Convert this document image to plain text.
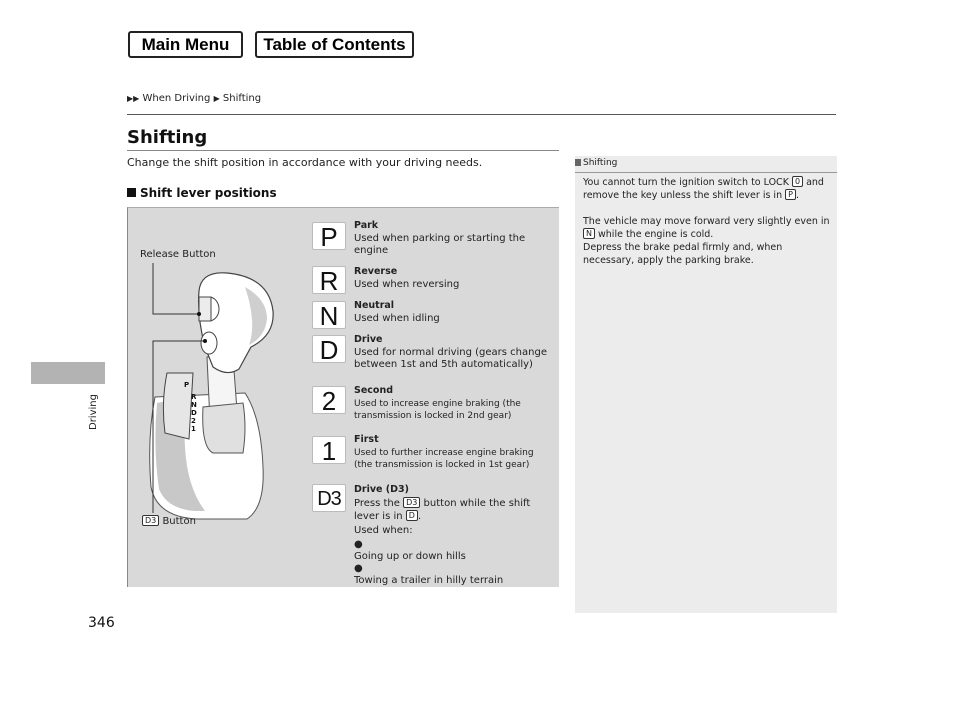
Main Menu	Table of Contents
▶▶ When Driving ▶ Shifting
Driving
346
Shifting
Change the shift position in accordance with your driving needs.
Shift lever positions
P
R
N
D
2
1
Release Button
D3 Button
P	Park
Used when parking or starting the engine
R	Reverse
Used when reversing
N	Neutral
Used when idling
D	Drive
Used for normal driving (gears change between 1st and 5th automatically)
2	Second
Used to increase engine braking (the transmission is locked in 2nd gear)
1	First
Used to further increase engine braking (the transmission is locked in 1st gear)
D3	Drive (D3)
Press the D3 button while the shift lever is in D .
Used when:
●
Going up or down hills
●
Towing a trailer in hilly terrain
Shifting

You cannot turn the ignition switch to LOCK 0 and remove the key unless the shift lever is in P .

The vehicle may move forward very slightly even in N while the engine is cold.

Depress the brake pedal firmly and, when necessary, apply the parking brake.
